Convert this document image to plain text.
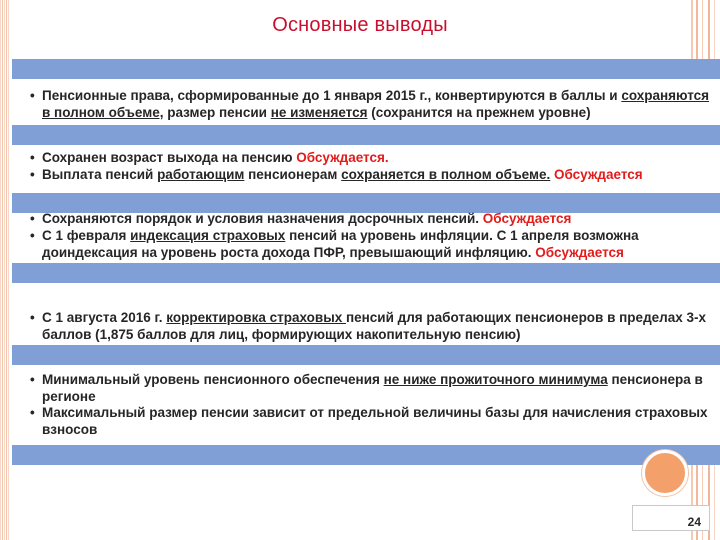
Основные выводы
• Пенсионные права, сформированные до 1 января 2015 г., конвертируются в баллы и сохраняются в полном объеме, размер пенсии не изменяется (сохранится на прежнем уровне)
• Сохранен возраст выхода на пенсию Обсуждается.
• Выплата пенсий работающим пенсионерам сохраняется в полном объеме. Обсуждается
• Сохраняются порядок и условия назначения досрочных пенсий. Обсуждается
• С 1 февраля индексация страховых пенсий на уровень инфляции. С 1 апреля возможна доиндексация на уровень роста дохода ПФР, превышающий инфляцию. Обсуждается
• С 1 августа 2016 г. корректировка страховых пенсий для работающих пенсионеров в пределах 3-х баллов (1,875 баллов для лиц, формирующих накопительную пенсию)
• Минимальный уровень пенсионного обеспечения не ниже прожиточного минимума пенсионера в регионе
• Максимальный размер пенсии зависит от предельной величины базы для начисления страховых взносов
24
